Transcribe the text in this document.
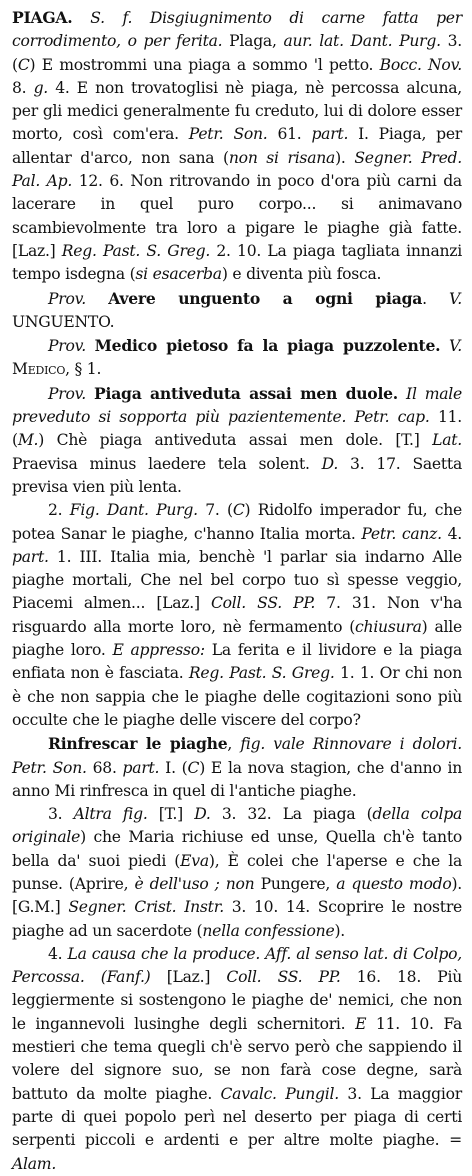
PIAGA. S. f. Disgiugnimento di carne fatta per corrodimento, o per ferita. Plaga, aur. lat. Dant. Purg. 3. (C) E mostrommi una piaga a sommo 'l petto. Bocc. Nov. 8. g. 4. E non trovatoglisi nè piaga, nè percossa alcuna, per gli medici generalmente fu creduto, lui di dolore esser morto, così com'era. Petr. Son. 61. part. I. Piaga, per allentar d'arco, non sana (non si risana). Segner. Pred. Pal. Ap. 12. 6. Non ritrovando in poco d'ora più carni da lacerare in quel puro corpo... si animavano scambievolmente tra loro a pigare le piaghe già fatte. [Laz.] Reg. Past. S. Greg. 2. 10. La piaga tagliata innanzi tempo isdegna (si esacerba) e diventa più fosca.

Prov. Avere unguento a ogni piaga. V. UNGUENTO.

Prov. Medico pietoso fa la piaga puzzolente. V. Medico, § 1.

Prov. Piaga antiveduta assai men duole. Il male preveduto si sopporta più pazientemente. Petr. cap. 11. (M.) Chè piaga antiveduta assai men dole. [T.] Lat. Praevisa minus laedere tela solent. D. 3. 17. Saetta previsa vien più lenta.

2. Fig. Dant. Purg. 7. (C) Ridolfo imperador fu, che potea Sanar le piaghe, c'hanno Italia morta. Petr. canz. 4. part. 1. III. Italia mia, benchè 'l parlar sia indarno Alle piaghe mortali, Che nel bel corpo tuo sì spesse veggio, Piacemi almen... [Laz.] Coll. SS. PP. 7. 31. Non v'ha risguardo alla morte loro, nè fermamento (chiusura) alle piaghe loro. E appresso: La ferita e il lividore e la piaga enfiata non è fasciata. Reg. Past. S. Greg. 1. 1. Or chi non è che non sappia che le piaghe delle cogitazioni sono più occulte che le piaghe delle viscere del corpo?

Rinfrescar le piaghe, fig. vale Rinnovare i dolori. Petr. Son. 68. part. I. (C) E la nova stagion, che d'anno in anno Mi rinfresca in quel di l'antiche piaghe.

3. Altra fig. [T.] D. 3. 32. La piaga (della colpa originale) che Maria richiuse ed unse, Quella ch'è tanto bella da' suoi piedi (Eva), È colei che l'aperse e che la punse. (Aprire, è dell'uso ; non Pungere, a questo modo). [G.M.] Segner. Crist. Instr. 3. 10. 14. Scoprire le nostre piaghe ad un sacerdote (nella confessione).

4. La causa che la produce. Aff. al senso lat. di Colpo, Percossa. (Fanf.) [Laz.] Coll. SS. PP. 16. 18. Più leggiermente si sostengono le piaghe de' nemici, che non le ingannevoli lusinghe degli schernitori. E 11. 10. Fa mestieri che tema quegli ch'è servo però che sappiendo il volere del signore suo, se non farà cose degne, sarà battuto da molte piaghe. Cavalc. Pungil. 3. La maggior parte di quei popolo perì nel deserto per piaga di certi serpenti piccoli e ardenti e per altre molte piaghe. = Alam.
